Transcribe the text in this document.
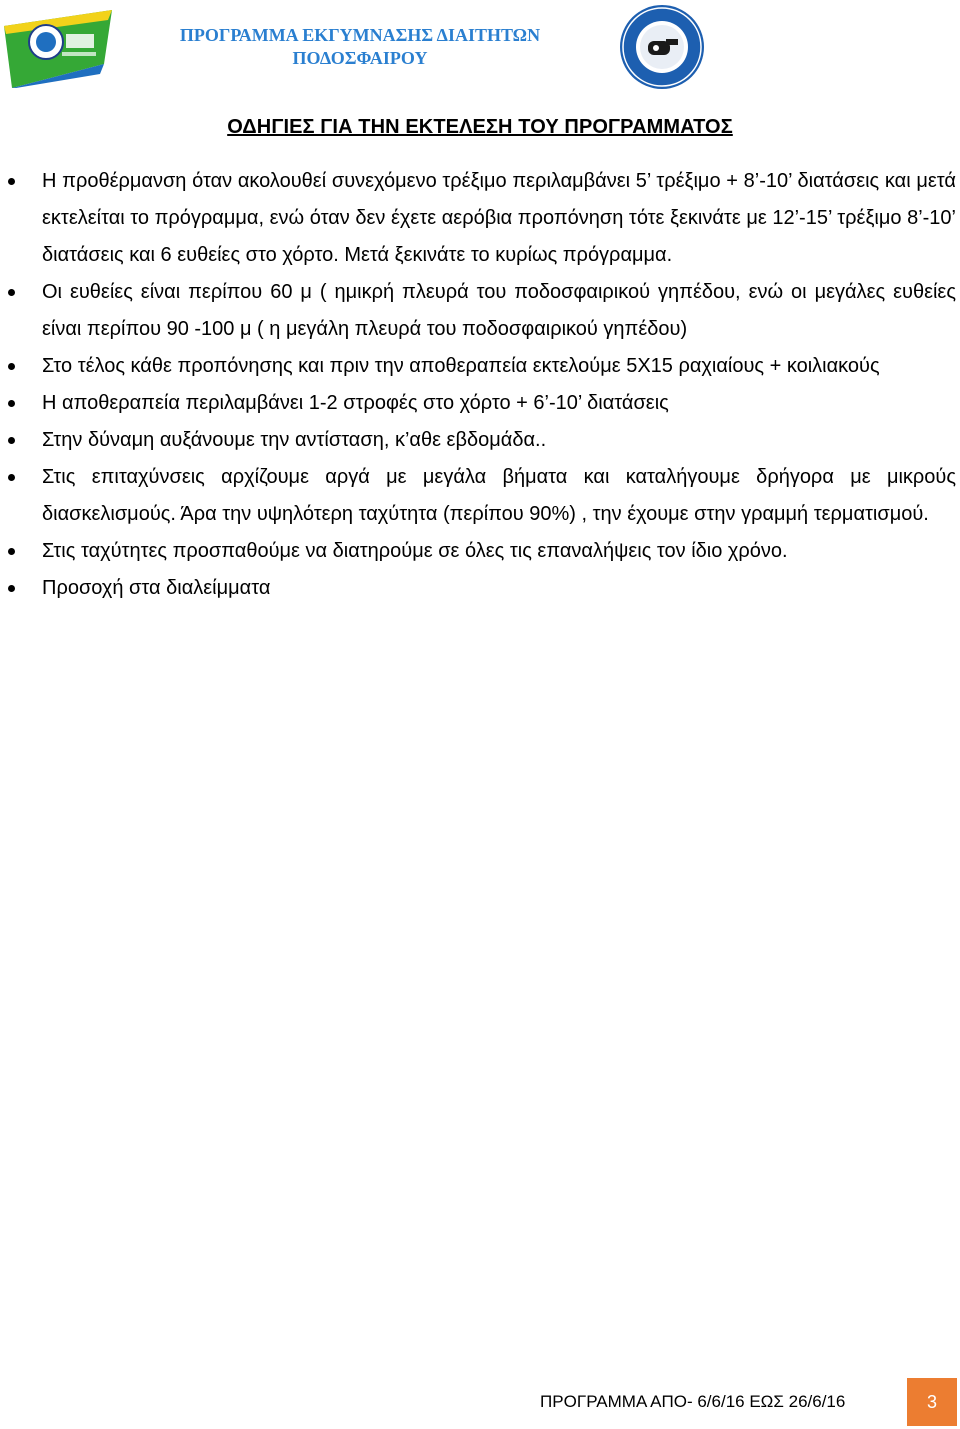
ΠΡΟΓΡΑΜΜΑ ΕΚΓΥΜΝΑΣΗΣ ΔΙΑΙΤΗΤΩΝ
ΠΟΔΟΣΦΑΙΡΟΥ
ΟΔΗΓΙΕΣ ΓΙΑ ΤΗΝ ΕΚΤΕΛΕΣΗ ΤΟΥ ΠΡΟΓΡΑΜΜΑΤΟΣ
Η προθέρμανση όταν ακολουθεί συνεχόμενο τρέξιμο περιλαμβάνει 5’ τρέξιμο + 8’-10’ διατάσεις και μετά εκτελείται το πρόγραμμα, ενώ όταν δεν έχετε αερόβια προπόνηση τότε ξεκινάτε με 12’-15’ τρέξιμο 8’-10’ διατάσεις και 6 ευθείες στο χόρτο. Μετά ξεκινάτε το κυρίως πρόγραμμα.
Οι ευθείες είναι περίπου 60 μ ( ημικρή πλευρά του ποδοσφαιρικού γηπέδου, ενώ οι μεγάλες ευθείες είναι περίπου 90 -100 μ ( η μεγάλη πλευρά του ποδοσφαιρικού γηπέδου)
Στο τέλος κάθε προπόνησης και πριν την αποθεραπεία εκτελούμε 5Χ15 ραχιαίους + κοιλιακούς
Η αποθεραπεία περιλαμβάνει 1-2 στροφές στο χόρτο + 6’-10’ διατάσεις
Στην δύναμη αυξάνουμε την αντίσταση, κ’αθε εβδομάδα..
Στις επιταχύνσεις αρχίζουμε αργά με μεγάλα βήματα και καταλήγουμε δρήγορα με μικρούς διασκελισμούς. Άρα την υψηλότερη ταχύτητα (περίπου 90%) , την έχουμε στην γραμμή τερματισμού.
Στις ταχύτητες προσπαθούμε να διατηρούμε σε όλες τις επαναλήψεις τον ίδιο χρόνο.
Προσοχή στα διαλείμματα
ΠΡΟΓΡΑΜΜΑ ΑΠΟ- 6/6/16 ΕΩΣ 26/6/16	3
